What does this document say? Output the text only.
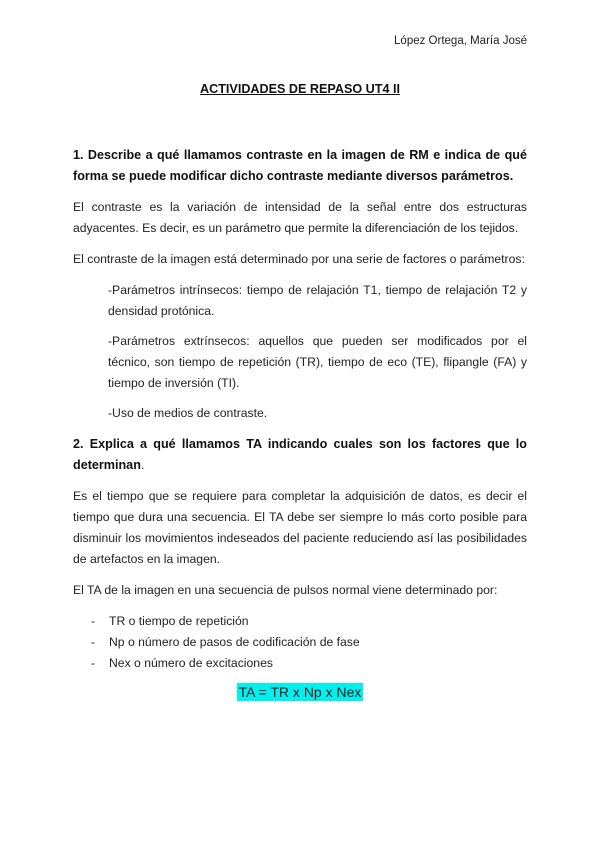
López Ortega, María José
ACTIVIDADES DE REPASO UT4 II
1. Describe a qué llamamos contraste en la imagen de RM e indica de qué forma se puede modificar dicho contraste mediante diversos parámetros.
El contraste es la variación de intensidad de la señal entre dos estructuras adyacentes. Es decir, es un parámetro que permite la diferenciación de los tejidos.
El contraste de la imagen está determinado por una serie de factores o parámetros:
-Parámetros intrínsecos: tiempo de relajación T1, tiempo de relajación T2 y densidad protónica.
-Parámetros extrínsecos: aquellos que pueden ser modificados por el técnico, son tiempo de repetición (TR), tiempo de eco (TE), flipangle (FA) y tiempo de inversión (TI).
-Uso de medios de contraste.
2. Explica a qué llamamos TA indicando cuales son los factores que lo determinan.
Es el tiempo que se requiere para completar la adquisición de datos, es decir el tiempo que dura una secuencia. El TA debe ser siempre lo más corto posible para disminuir los movimientos indeseados del paciente reduciendo así las posibilidades de artefactos en la imagen.
El TA de la imagen en una secuencia de pulsos normal viene determinado por:
- TR o tiempo de repetición
- Np o número de pasos de codificación de fase
- Nex o número de excitaciones
TA = TR x Np x Nex
